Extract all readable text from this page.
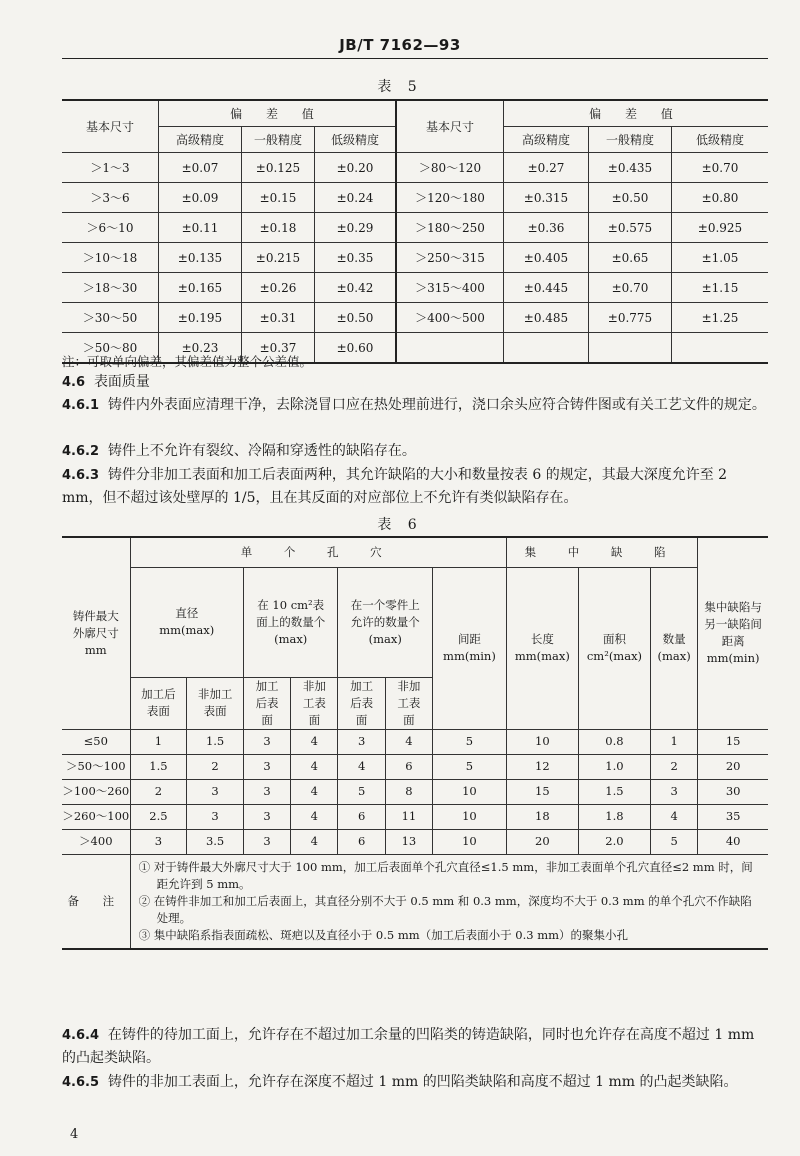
JB/T 7162—93
表 5
基本尺寸	偏 差 值			基本尺寸	偏 差 值		
	高级精度	一般精度	低级精度		高级精度	一般精度	低级精度
＞1～3	±0.07	±0.125	±0.20	＞80～120	±0.27	±0.435	±0.70
＞3～6	±0.09	±0.15	±0.24	＞120～180	±0.315	±0.50	±0.80
＞6～10	±0.11	±0.18	±0.29	＞180～250	±0.36	±0.575	±0.925
＞10～18	±0.135	±0.215	±0.35	＞250～315	±0.405	±0.65	±1.05
＞18～30	±0.165	±0.26	±0.42	＞315～400	±0.445	±0.70	±1.15
＞30～50	±0.195	±0.31	±0.50	＞400～500	±0.485	±0.775	±1.25
＞50～80	±0.23	±0.37	±0.60				
注：可取单向偏差，其偏差值为整个公差值。
4.6 表面质量
4.6.1 铸件内外表面应清理干净，去除浇冒口应在热处理前进行，浇口余头应符合铸件图或有关工艺文件的规定。
4.6.2 铸件上不允许有裂纹、冷隔和穿透性的缺陷存在。
4.6.3 铸件分非加工表面和加工后表面两种，其允许缺陷的大小和数量按表 6 的规定，其最大深度允许至 2 mm，但不超过该处壁厚的 1/5，且在其反面的对应部位上不允许有类似缺陷存在。
表 6
铸件最大外廓尺寸mm	单 个 孔 穴							集 中 缺 陷			集中缺陷与另一缺陷间距离mm(min)
	直径mm(max)		在 10 cm²表面上的数量个(max)		在一个零件上允许的数量个(max)		间距mm(min)	长度mm(max)	面积cm²(max)	数量(max)	
	加工后表面	非加工表面	加工后表面	非加工表面	加工后表面	非加工表面					
≤50	1	1.5	3	4	3	4	5	10	0.8	1	15
＞50～100	1.5	2	3	4	4	6	5	12	1.0	2	20
＞100～260	2	3	3	4	5	8	10	15	1.5	3	30
＞260～100	2.5	3	3	4	6	11	10	18	1.8	4	35
＞400	3	3.5	3	4	6	13	10	20	2.0	5	40
备 注	① 对于铸件最大外廓尺寸大于 100 mm，加工后表面单个孔穴直径≤1.5 mm，非加工表面单个孔穴直径≤2 mm 时，间距允许到 5 mm。
② 在铸件非加工和加工后表面上，其直径分别不大于 0.5 mm 和 0.3 mm，深度均不大于 0.3 mm 的单个孔穴不作缺陷处理。
③ 集中缺陷系指表面疏松、斑疤以及直径小于 0.5 mm（加工后表面小于 0.3 mm）的聚集小孔										
4.6.4 在铸件的待加工面上，允许存在不超过加工余量的凹陷类的铸造缺陷，同时也允许存在高度不超过 1 mm 的凸起类缺陷。
4.6.5 铸件的非加工表面上，允许存在深度不超过 1 mm 的凹陷类缺陷和高度不超过 1 mm 的凸起类缺陷。
4
